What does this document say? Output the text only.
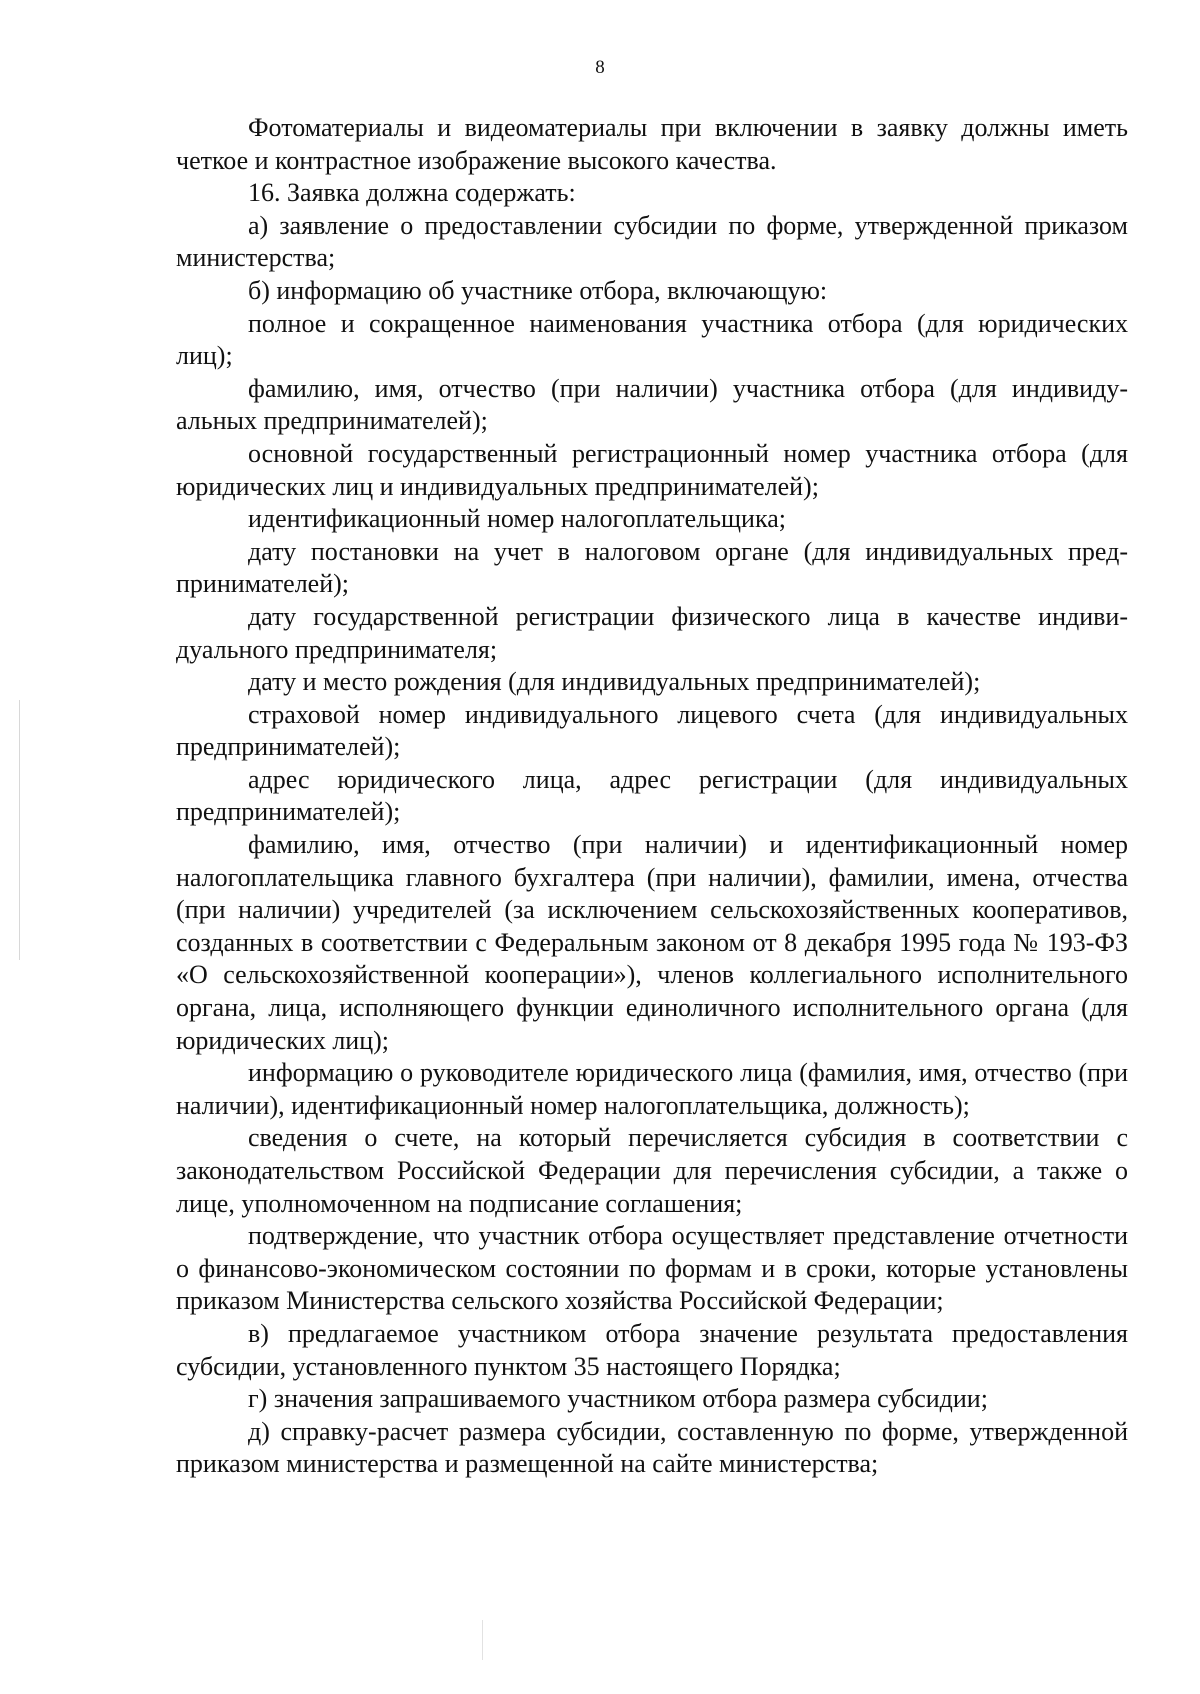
8

Фотоматериалы и видеоматериалы при включении в заявку должны иметь четкое и контрастное изображение высокого качества.

16. Заявка должна содержать:

а) заявление о предоставлении субсидии по форме, утвержденной приказом министерства;

б) информацию об участнике отбора, включающую:

полное и сокращенное наименования участника отбора (для юридических лиц);

фамилию, имя, отчество (при наличии) участника отбора (для индивидуальных предпринимателей);

основной государственный регистрационный номер участника отбора (для юридических лиц и индивидуальных предпринимателей);

идентификационный номер налогоплательщика;

дату постановки на учет в налоговом органе (для индивидуальных предпринимателей);

дату государственной регистрации физического лица в качестве индивидуального предпринимателя;

дату и место рождения (для индивидуальных предпринимателей);

страховой номер индивидуального лицевого счета (для индивидуальных предпринимателей);

адрес юридического лица, адрес регистрации (для индивидуальных предпринимателей);

фамилию, имя, отчество (при наличии) и идентификационный номер налогоплательщика главного бухгалтера (при наличии), фамилии, имена, отчества (при наличии) учредителей (за исключением сельскохозяйственных кооперативов, созданных в соответствии с Федеральным законом от 8 декабря 1995 года № 193-ФЗ «О сельскохозяйственной кооперации»), членов коллегиального исполнительного органа, лица, исполняющего функции единоличного исполнительного органа (для юридических лиц);

информацию о руководителе юридического лица (фамилия, имя, отчество (при наличии), идентификационный номер налогоплательщика, должность);

сведения о счете, на который перечисляется субсидия в соответствии с законодательством Российской Федерации для перечисления субсидии, а также о лице, уполномоченном на подписание соглашения;

подтверждение, что участник отбора осуществляет представление отчетности о финансово-экономическом состоянии по формам и в сроки, которые установлены приказом Министерства сельского хозяйства Российской Федерации;

в) предлагаемое участником отбора значение результата предоставления субсидии, установленного пунктом 35 настоящего Порядка;

г) значения запрашиваемого участником отбора размера субсидии;

д) справку-расчет размера субсидии, составленную по форме, утвержденной приказом министерства и размещенной на сайте министерства;
